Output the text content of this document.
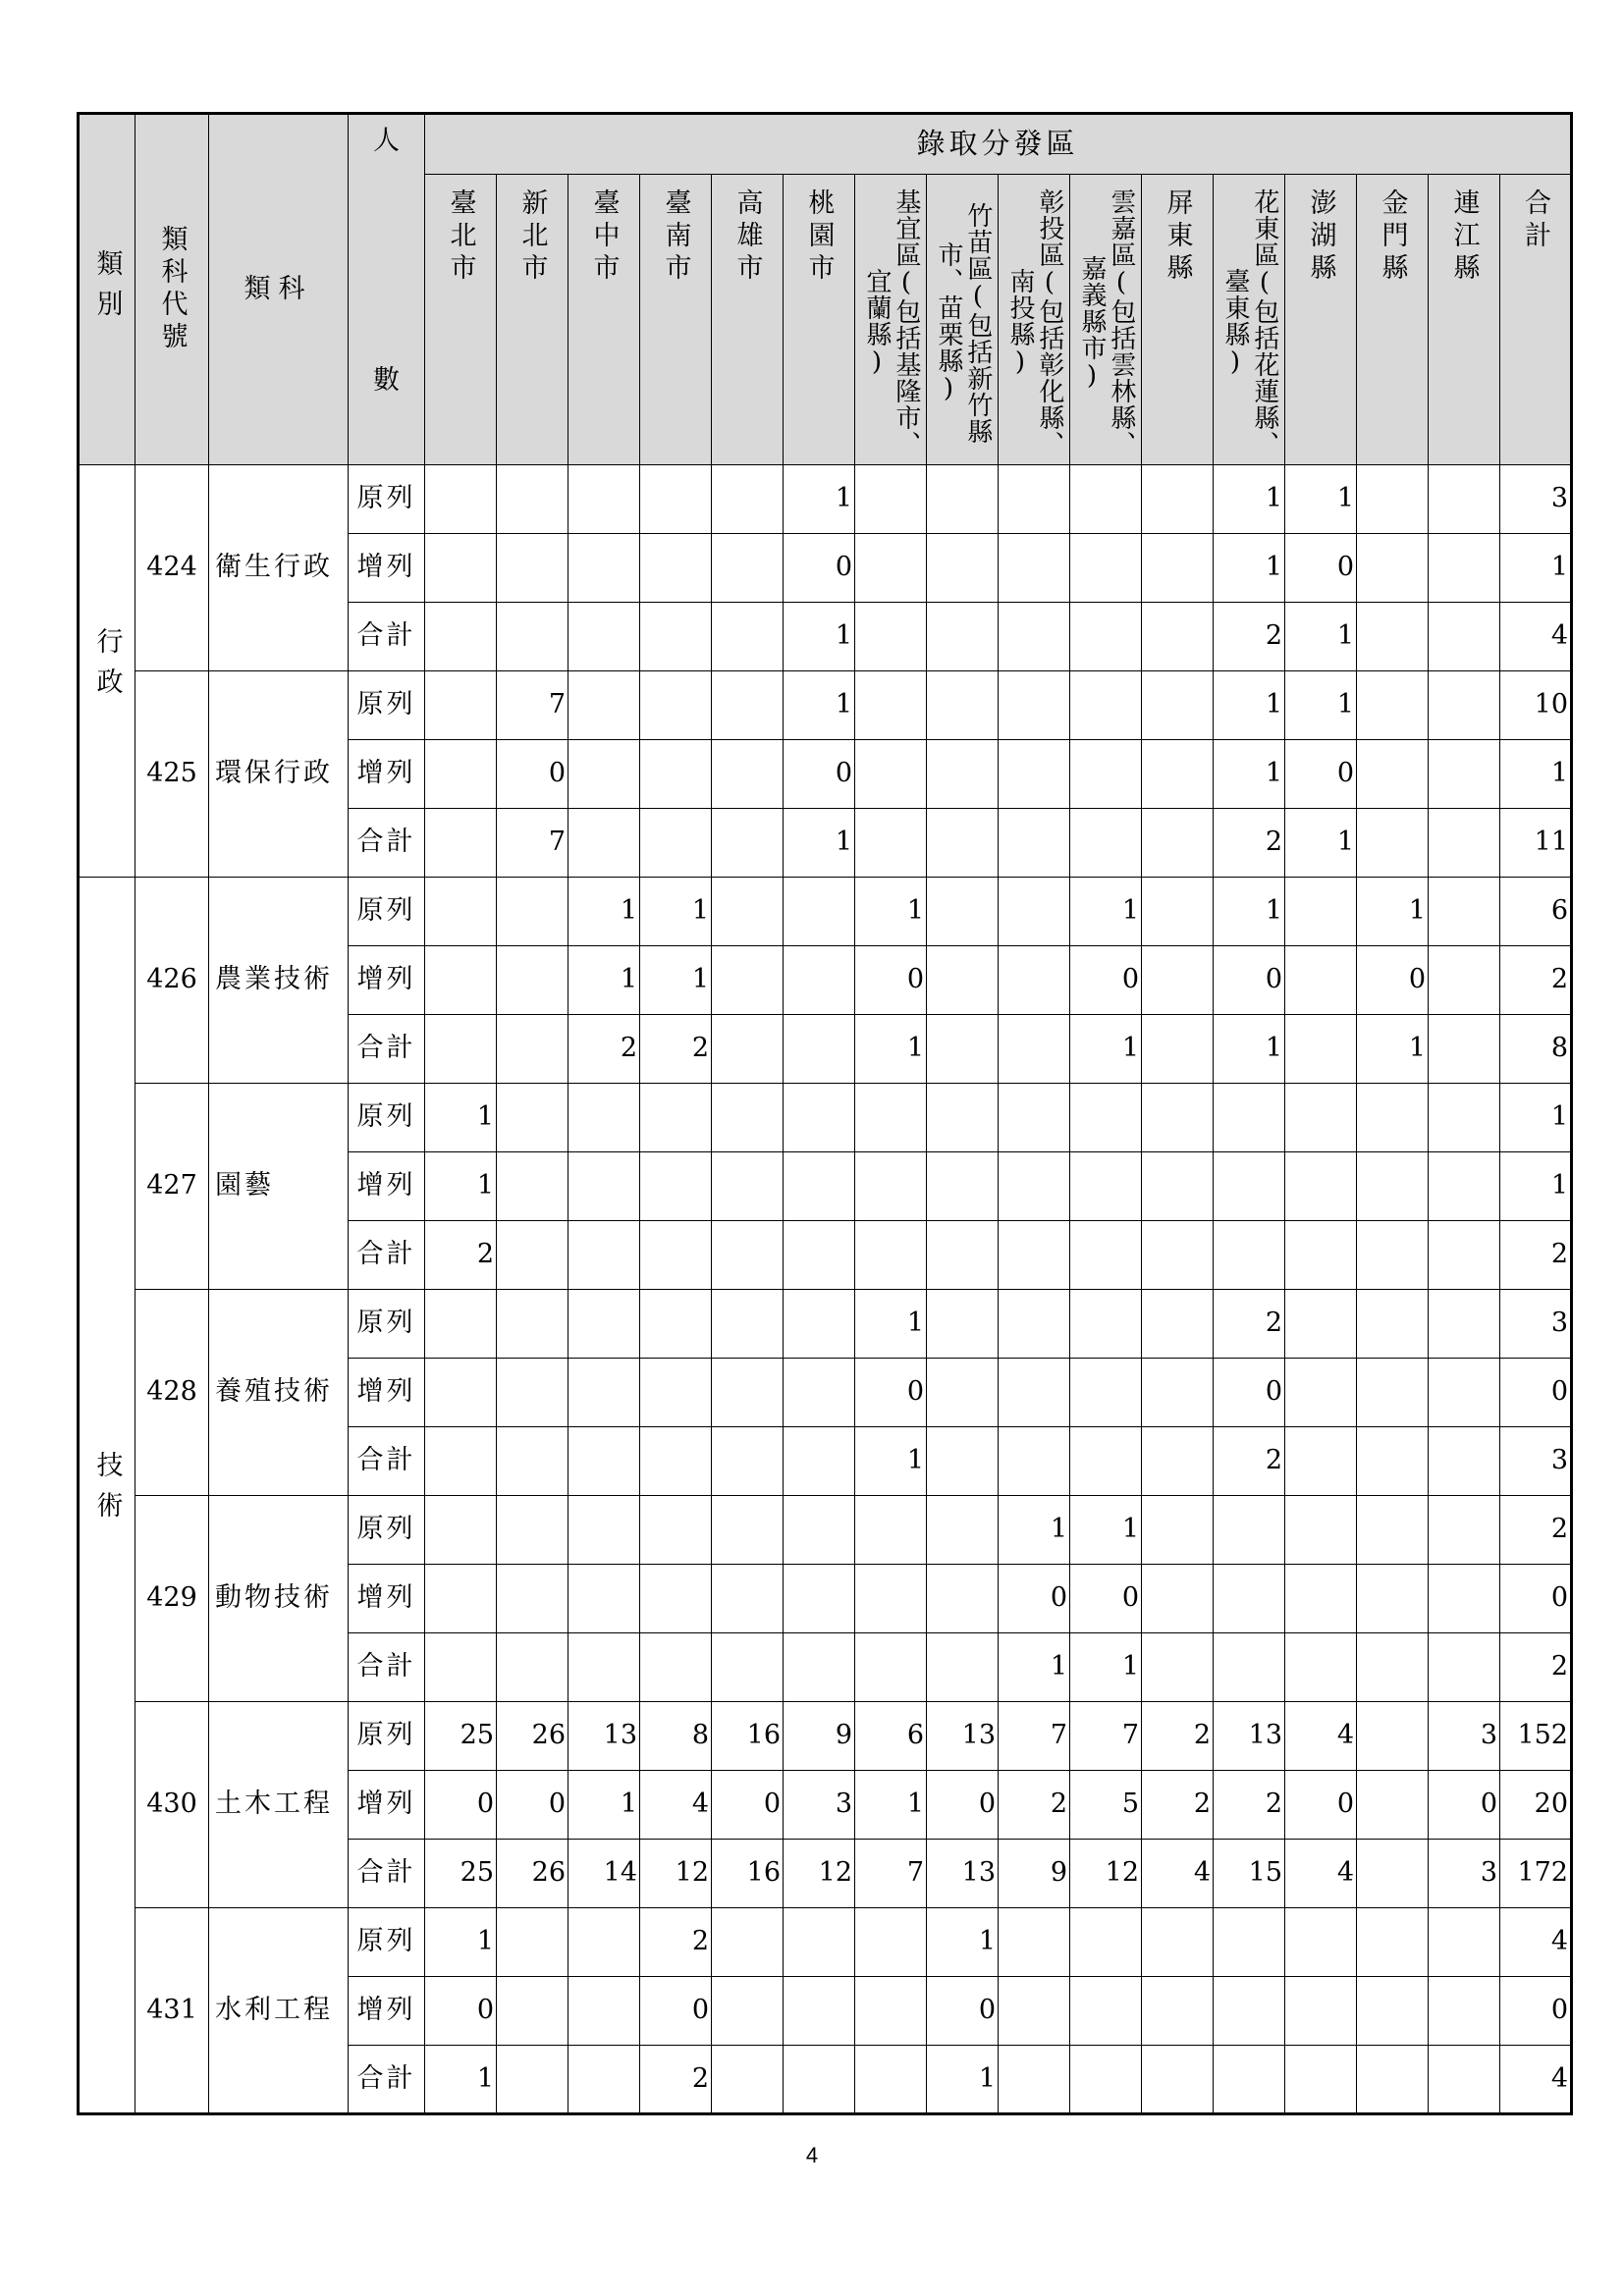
類別	類科代號	類科	人
數	錄取分發區															
				臺北市	新北市	臺中市	臺南市	高雄市	桃園市	基宜區(包括基隆市、宜蘭縣)	竹苗區(包括新竹縣市、苗栗縣)	彰投區(包括彰化縣、南投縣)	雲嘉區(包括雲林縣、嘉義縣市)	屏東縣	花東區(包括花蓮縣、臺東縣)	澎湖縣	金門縣	連江縣	合計
行政	424	衛生行政	原列						1						1	1			3
			增列						0						1	0			1
			合計						1						2	1			4
	425	環保行政	原列		7				1						1	1			10
			增列		0				0						1	0			1
			合計		7				1						2	1			11
技術	426	農業技術	原列			1	1			1			1		1		1		6
			增列			1	1			0			0		0		0		2
			合計			2	2			1			1		1		1		8
	427	園藝	原列	1															1
			增列	1															1
			合計	2															2
	428	養殖技術	原列							1					2				3
			增列							0					0				0
			合計							1					2				3
	429	動物技術	原列									1	1						2
			增列									0	0						0
			合計									1	1						2
	430	土木工程	原列	25	26	13	8	16	9	6	13	7	7	2	13	4		3	152
			增列	0	0	1	4	0	3	1	0	2	5	2	2	0		0	20
			合計	25	26	14	12	16	12	7	13	9	12	4	15	4		3	172
	431	水利工程	原列	1			2				1								4
			增列	0			0				0								0
			合計	1			2				1								4
4
